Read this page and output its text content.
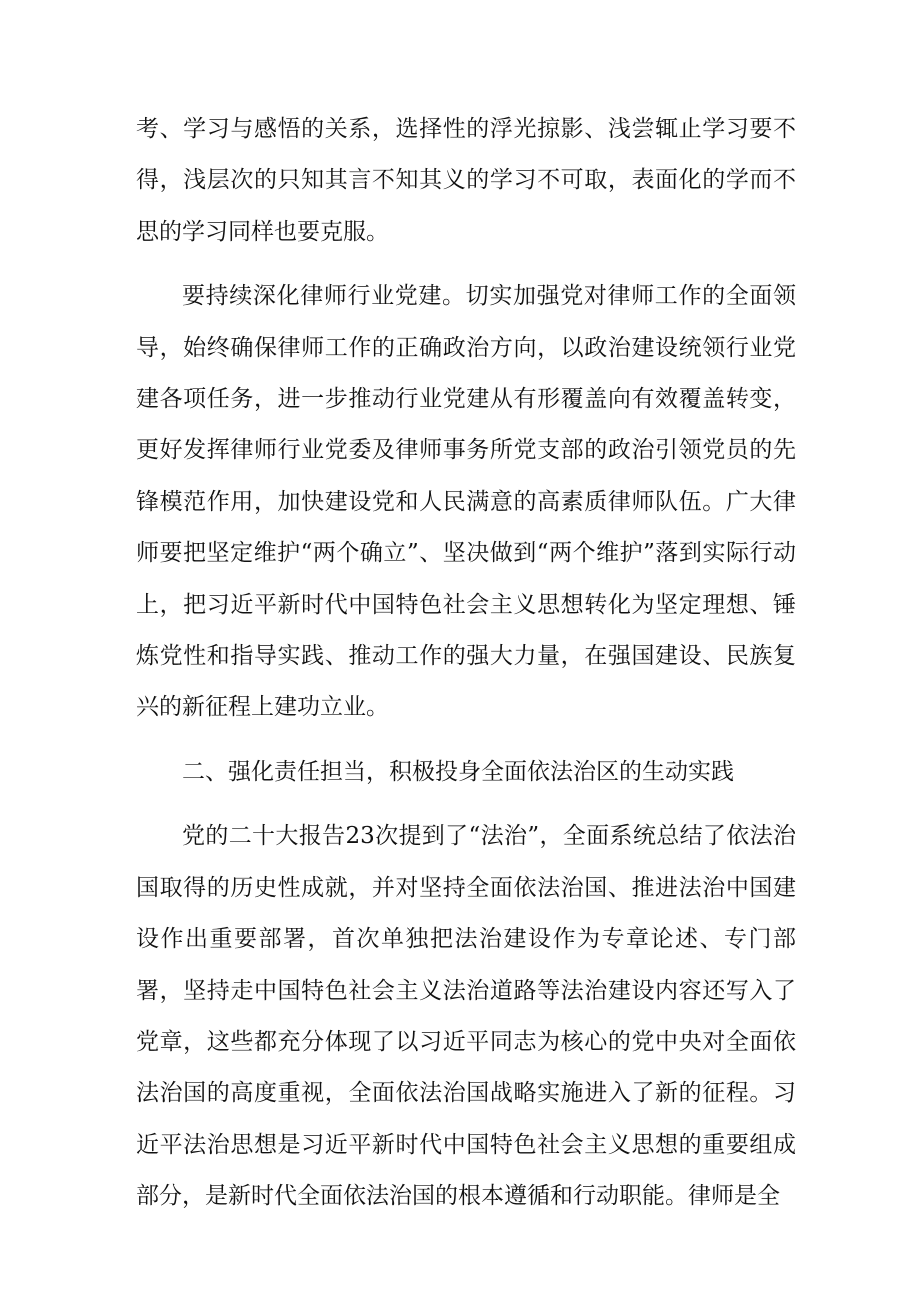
考、学习与感悟的关系，选择性的浮光掠影、浅尝辄止学习要不得，浅层次的只知其言不知其义的学习不可取，表面化的学而不思的学习同样也要克服。

要持续深化律师行业党建。切实加强党对律师工作的全面领导，始终确保律师工作的正确政治方向，以政治建设统领行业党建各项任务，进一步推动行业党建从有形覆盖向有效覆盖转变，更好发挥律师行业党委及律师事务所党支部的政治引领党员的先锋模范作用，加快建设党和人民满意的高素质律师队伍。广大律师要把坚定维护“两个确立”、坚决做到“两个维护”落到实际行动上，把习近平新时代中国特色社会主义思想转化为坚定理想、锤炼党性和指导实践、推动工作的强大力量，在强国建设、民族复兴的新征程上建功立业。

二、强化责任担当，积极投身全面依法治区的生动实践

党的二十大报告23次提到了“法治”，全面系统总结了依法治国取得的历史性成就，并对坚持全面依法治国、推进法治中国建设作出重要部署，首次单独把法治建设作为专章论述、专门部署，坚持走中国特色社会主义法治道路等法治建设内容还写入了党章，这些都充分体现了以习近平同志为核心的党中央对全面依法治国的高度重视，全面依法治国战略实施进入了新的征程。习近平法治思想是习近平新时代中国特色社会主义思想的重要组成部分，是新时代全面依法治国的根本遵循和行动职能。律师是全
